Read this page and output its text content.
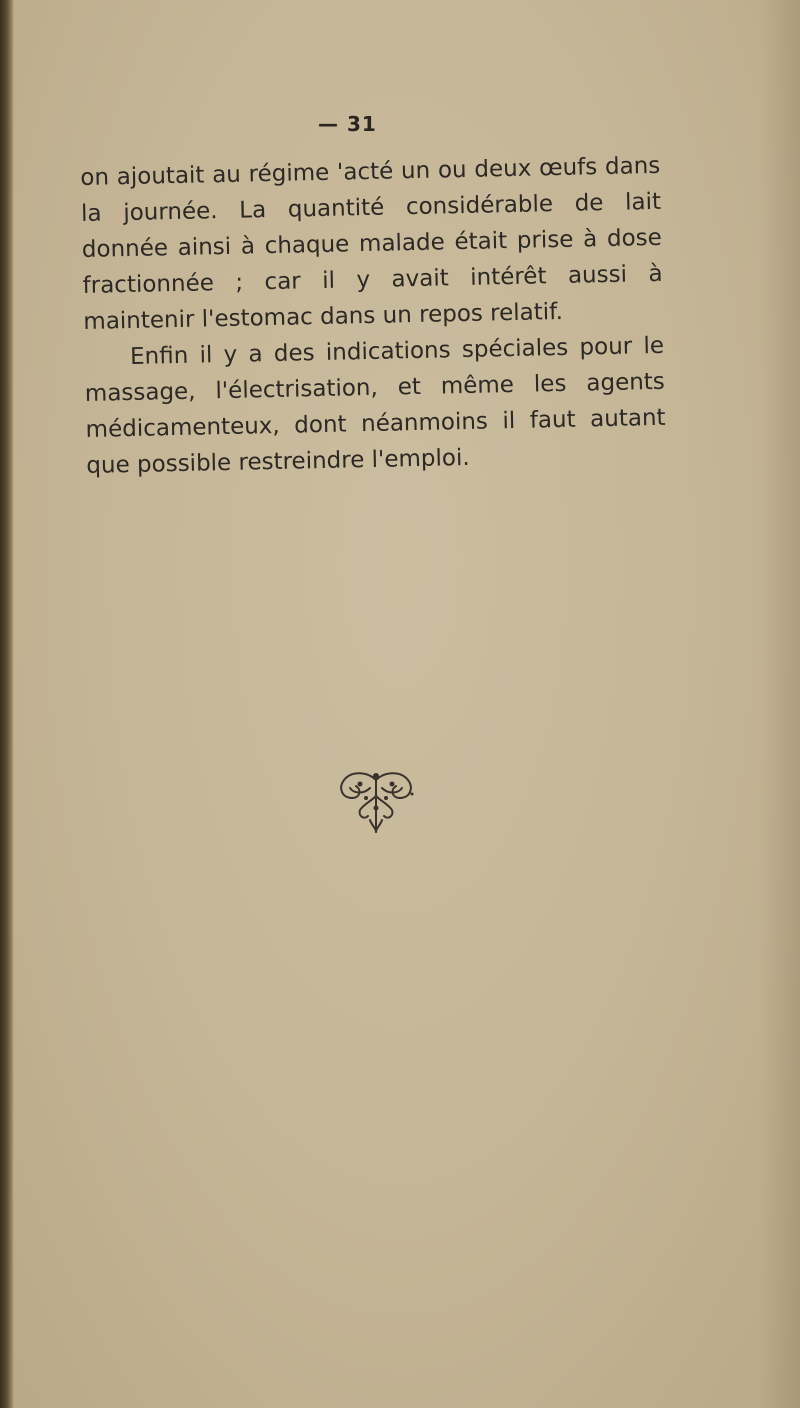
— 31

on ajoutait au régime 'acté un ou deux œufs dans la journée. La quantité considérable de lait donnée ainsi à chaque malade était prise à dose fractionnée ; car il y avait intérêt aussi à maintenir l'estomac dans un repos relatif.

Enfin il y a des indications spéciales pour le massage, l'électrisation, et même les agents médicamenteux, dont néanmoins il faut autant que possible restreindre l'emploi.
